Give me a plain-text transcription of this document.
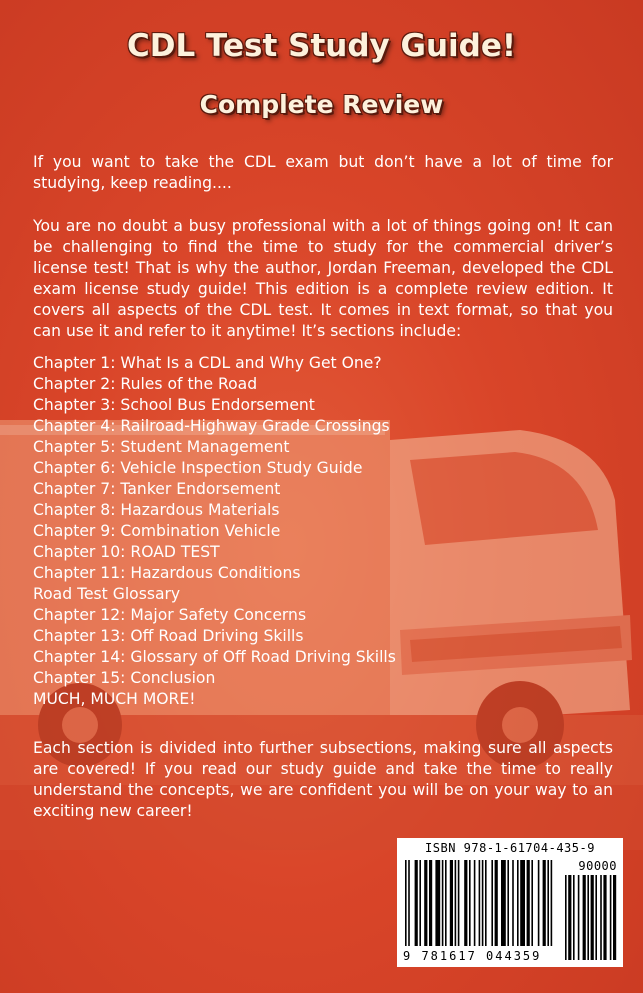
CDL Test Study Guide!
Complete Review

If you want to take the CDL exam but don’t have a lot of time for studying, keep reading....

You are no doubt a busy professional with a lot of things going on! It can be challenging to find the time to study for the commercial driver’s license test! That is why the author, Jordan Freeman, developed the CDL exam license study guide! This edition is a complete review edition. It covers all aspects of the CDL test. It comes in text format, so that you can use it and refer to it anytime! It’s sections include:

Chapter 1: What Is a CDL and Why Get One?
Chapter 2: Rules of the Road
Chapter 3: School Bus Endorsement
Chapter 4: Railroad-Highway Grade Crossings
Chapter 5: Student Management
Chapter 6: Vehicle Inspection Study Guide
Chapter 7: Tanker Endorsement
Chapter 8: Hazardous Materials
Chapter 9: Combination Vehicle
Chapter 10: ROAD TEST
Chapter 11: Hazardous Conditions
Road Test Glossary
Chapter 12: Major Safety Concerns
Chapter 13: Off Road Driving Skills
Chapter 14: Glossary of Off Road Driving Skills
Chapter 15: Conclusion
MUCH, MUCH MORE!

Each section is divided into further subsections, making sure all aspects are covered! If you read our study guide and take the time to really understand the concepts, we are confident you will be on your way to an exciting new career!

ISBN 978-1-61704-435-9
90000
9 781617 044359
